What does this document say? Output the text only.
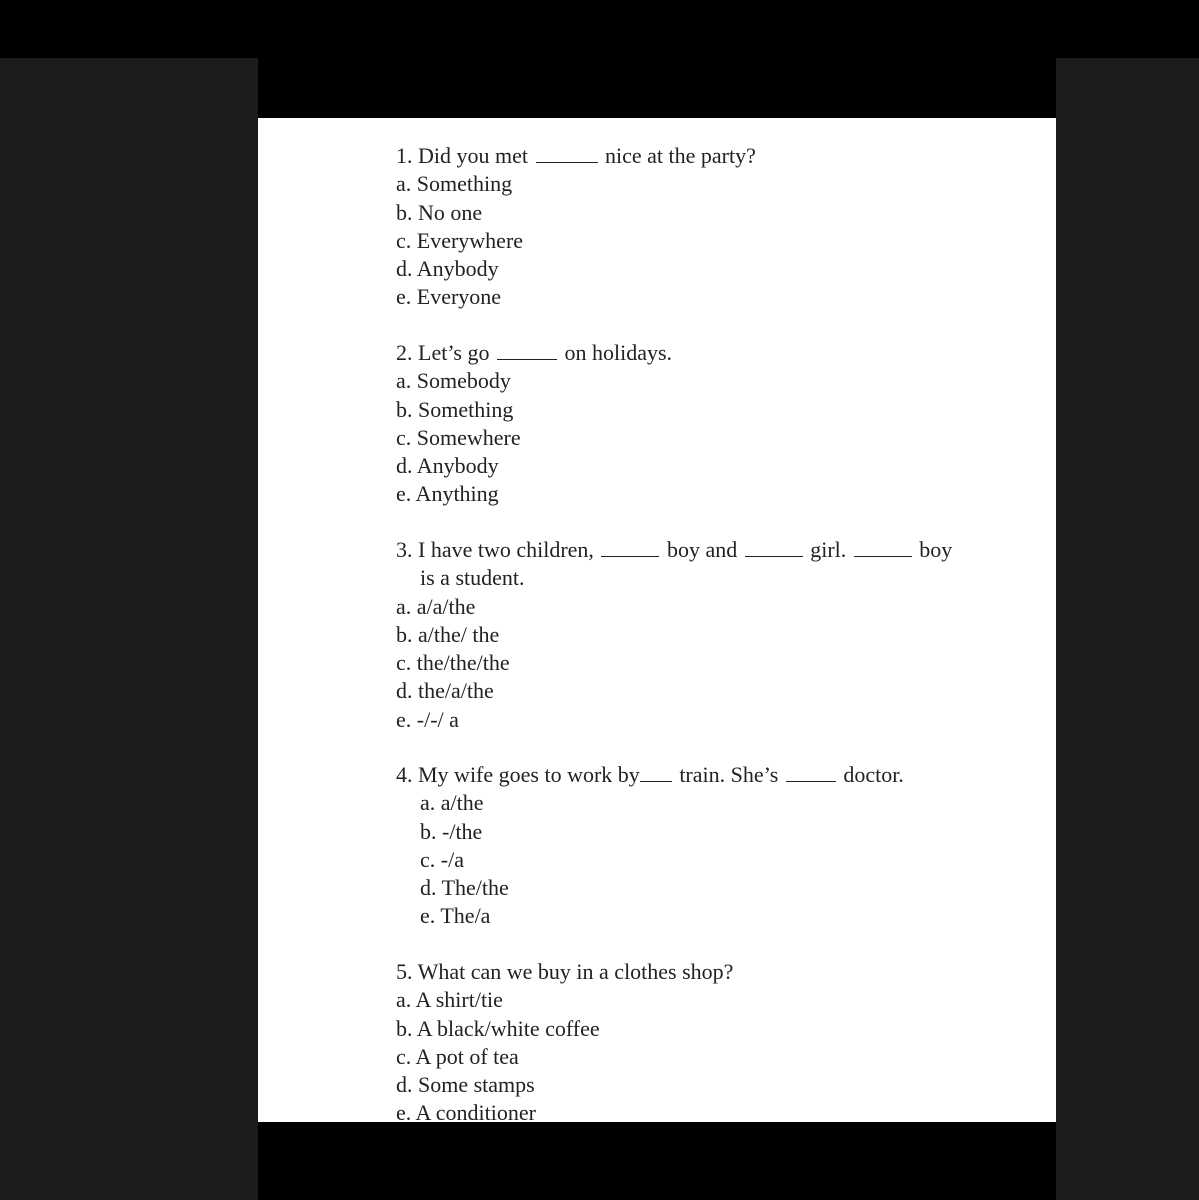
1. Did you met	nice at the party?
a. Something
b. No one
c. Everywhere
d. Anybody
e. Everyone
2. Let’s go	on holidays.
a. Somebody
b. Something
c. Somewhere
d. Anybody
e. Anything
3. I have two children,	boy and	girl.	boy
is a student.
a. a/a/the
b. a/the/ the
c. the/the/the
d. the/a/the
e. -/-/ a
4. My wife goes to work by train. She’s	doctor.
a. a/the
b. -/the
c. -/a
d. The/the
e. The/a
5. What can we buy in a clothes shop?
a. A shirt/tie
b. A black/white coffee
c. A pot of tea
d. Some stamps
e. A conditioner
